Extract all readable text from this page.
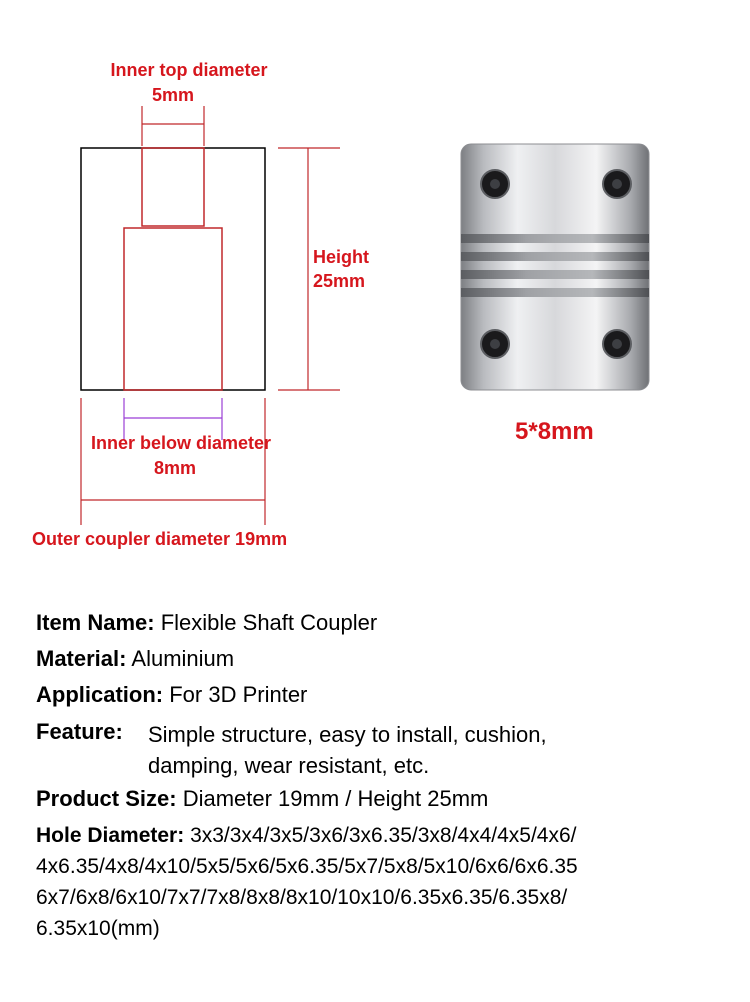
Inner top diameter
5mm
Height
25mm
Inner below diameter
8mm
Outer coupler diameter 19mm
5*8mm
Item Name: Flexible Shaft Coupler
Material: Aluminium
Application: For 3D Printer
Feature: Simple structure, easy to install, cushion,
damping, wear resistant, etc.
Product Size: Diameter 19mm / Height 25mm
Hole Diameter: 3x3/3x4/3x5/3x6/3x6.35/3x8/4x4/4x5/4x6/
4x6.35/4x8/4x10/5x5/5x6/5x6.35/5x7/5x8/5x10/6x6/6x6.35
6x7/6x8/6x10/7x7/7x8/8x8/8x10/10x10/6.35x6.35/6.35x8/
6.35x10(mm)
